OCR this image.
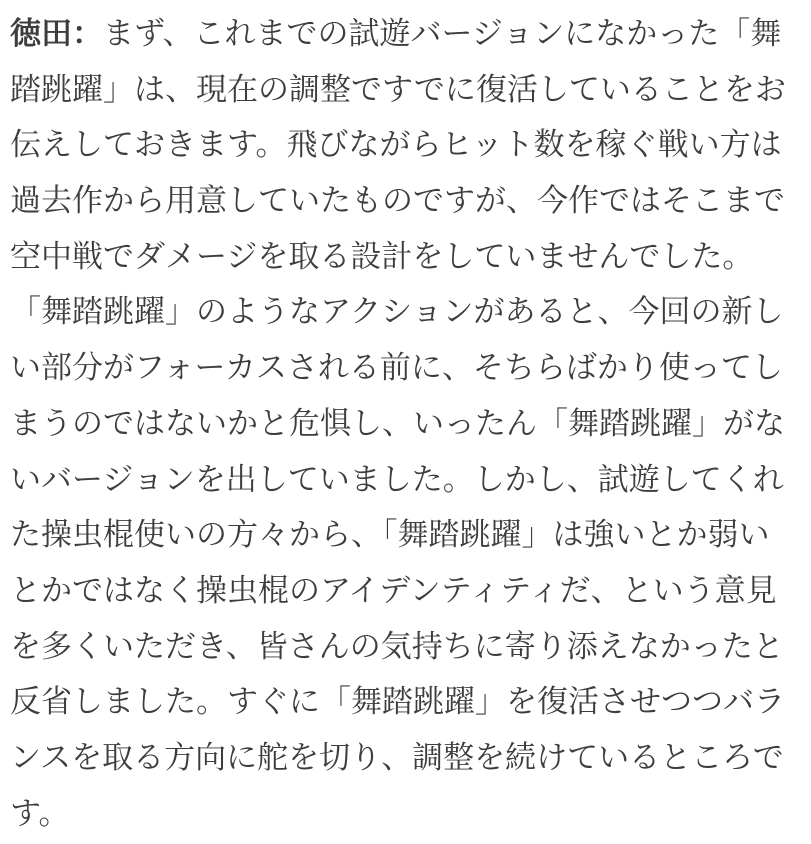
徳田：まず、これまでの試遊バージョンになかった「舞
踏跳躍」は、現在の調整ですでに復活していることをお
伝えしておきます。飛びながらヒット数を稼ぐ戦い方は
過去作から用意していたものですが、今作ではそこまで
空中戦でダメージを取る設計をしていませんでした。
「舞踏跳躍」のようなアクションがあると、今回の新し
い部分がフォーカスされる前に、そちらばかり使ってし
まうのではないかと危惧し、いったん「舞踏跳躍」がな
いバージョンを出していました。しかし、試遊してくれ
た操虫棍使いの方々から、「舞踏跳躍」は強いとか弱い
とかではなく操虫棍のアイデンティティだ、という意見
を多くいただき、皆さんの気持ちに寄り添えなかったと
反省しました。すぐに「舞踏跳躍」を復活させつつバラ
ンスを取る方向に舵を切り、調整を続けているところで
す。
